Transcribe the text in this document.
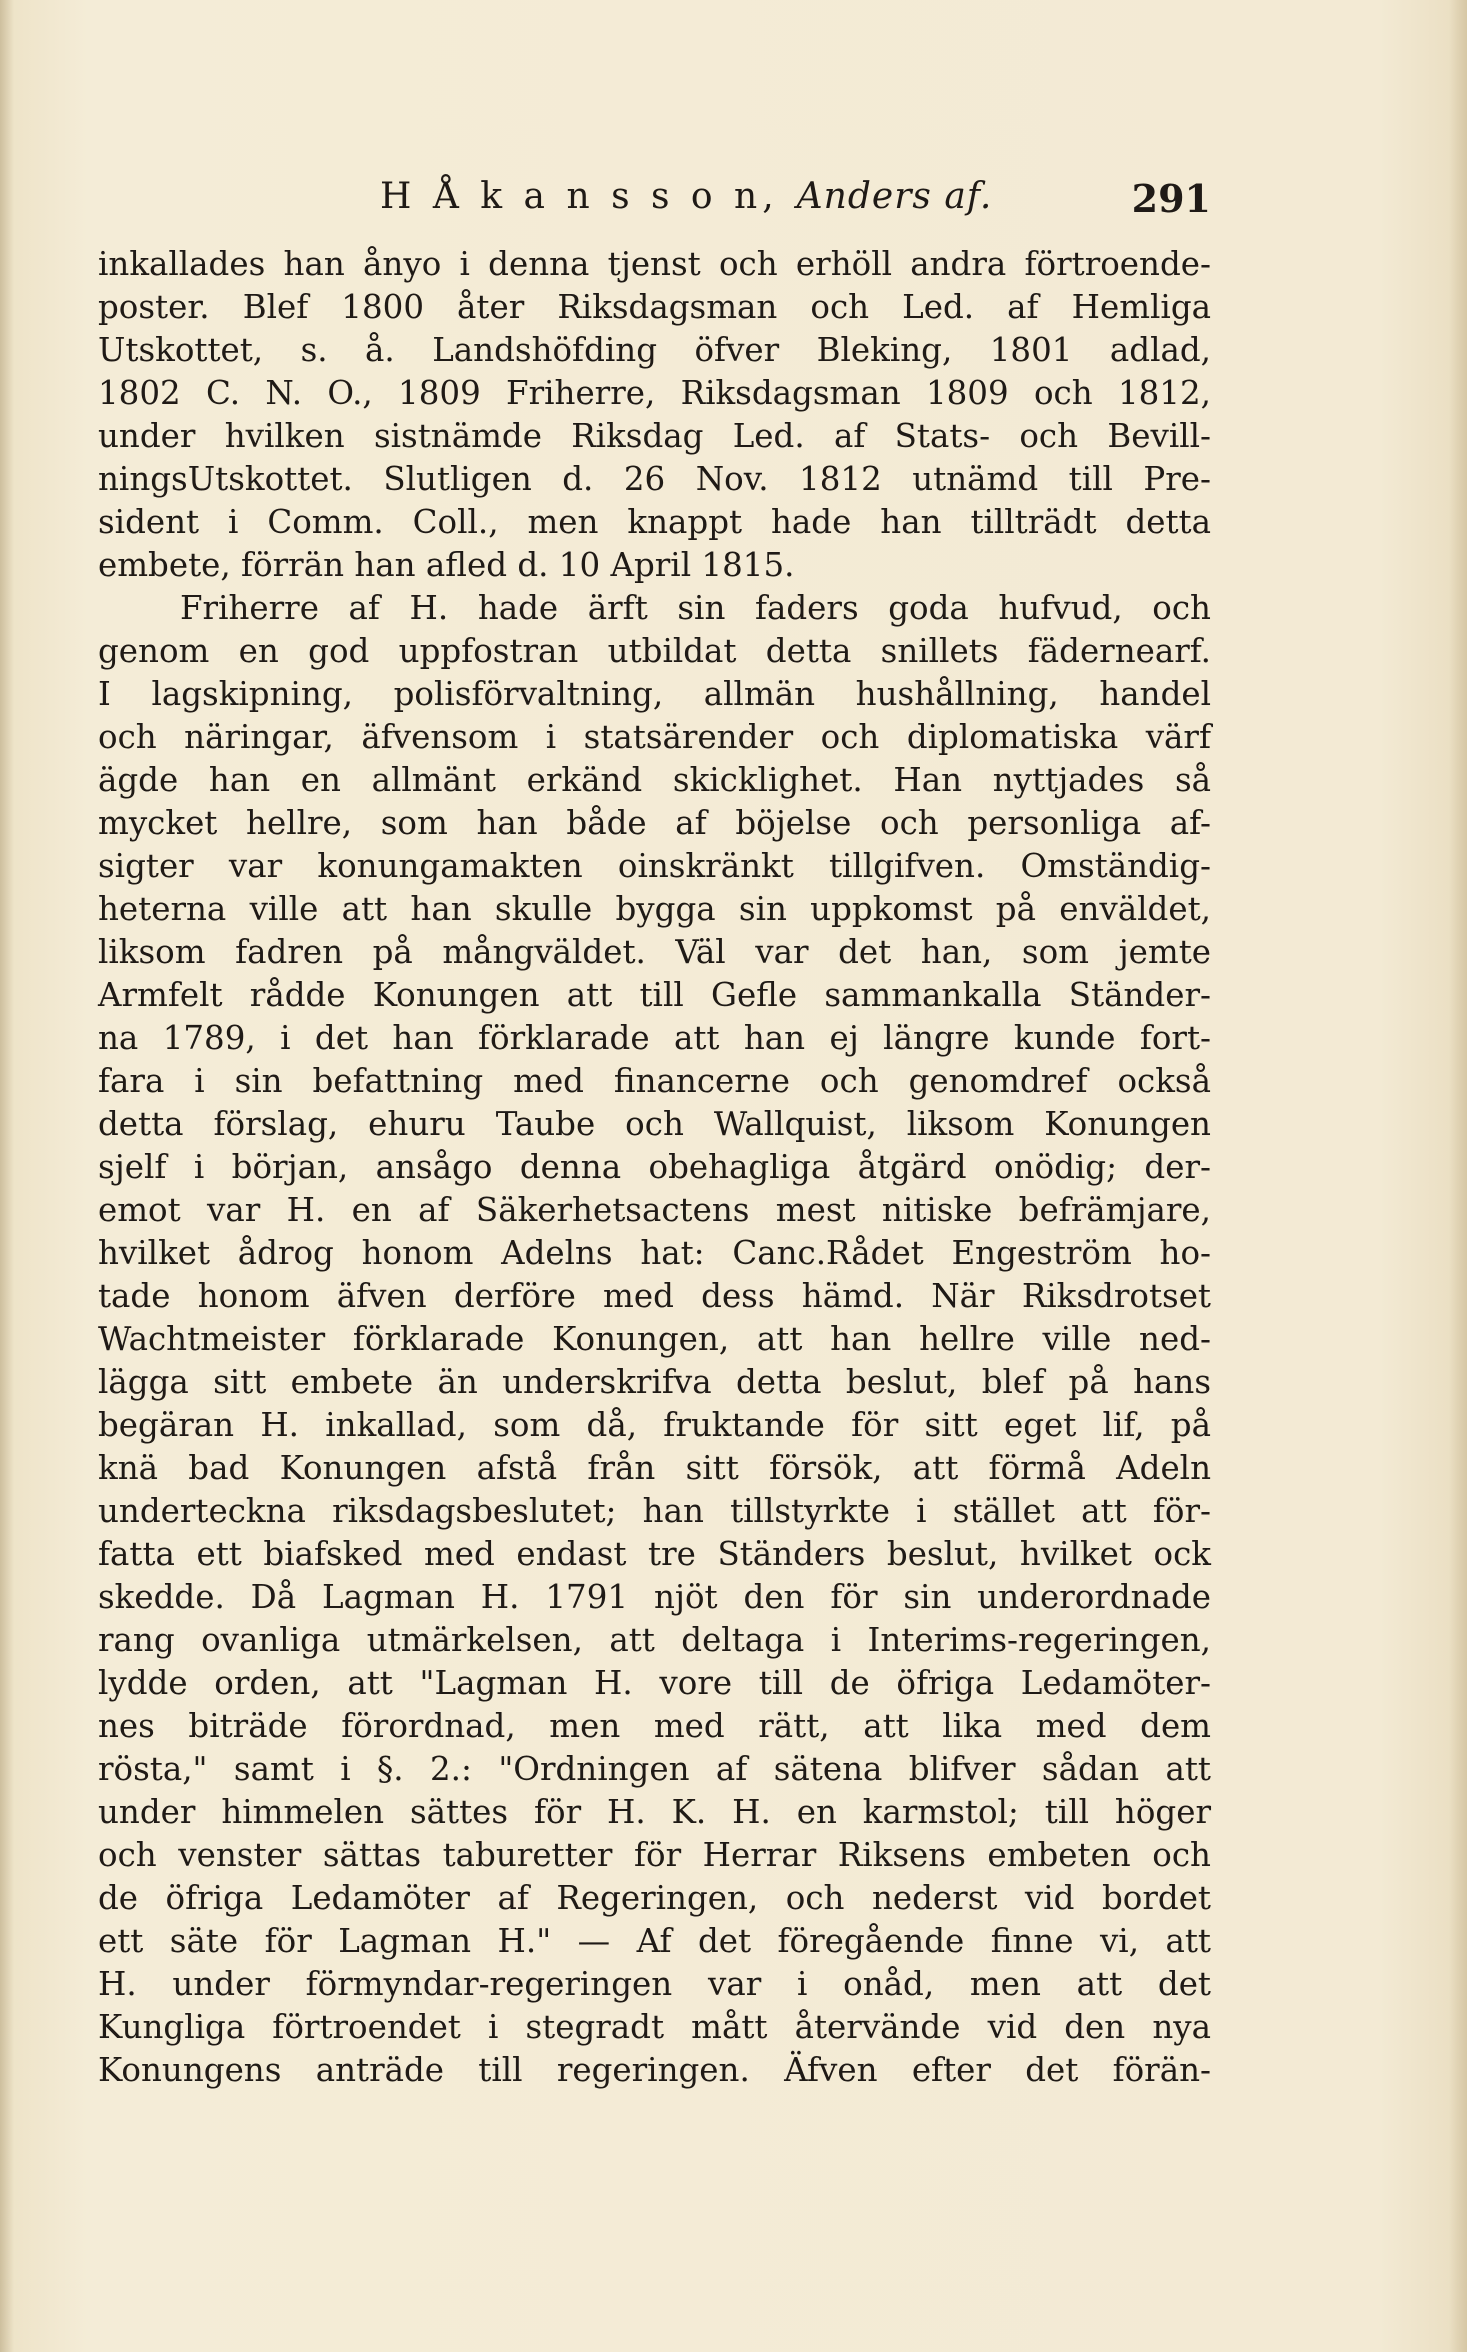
H Å k a n s s o n, Anders af.	291
inkallades han ånyo i denna tjenst och erhöll andra förtroende-
poster. Blef 1800 åter Riksdagsman och Led. af Hemliga
Utskottet, s. å. Landshöfding öfver Bleking, 1801 adlad,
1802 C. N. O., 1809 Friherre, Riksdagsman 1809 och 1812,
under hvilken sistnämde Riksdag Led. af Stats- och Bevill-
ningsUtskottet. Slutligen d. 26 Nov. 1812 utnämd till Pre-
sident i Comm. Coll., men knappt hade han tillträdt detta
embete, förrän han afled d. 10 April 1815.
Friherre af H. hade ärft sin faders goda hufvud, och
genom en god uppfostran utbildat detta snillets fädernearf.
I lagskipning, polisförvaltning, allmän hushållning, handel
och näringar, äfvensom i statsärender och diplomatiska värf
ägde han en allmänt erkänd skicklighet. Han nyttjades så
mycket hellre, som han både af böjelse och personliga af-
sigter var konungamakten oinskränkt tillgifven. Omständig-
heterna ville att han skulle bygga sin uppkomst på enväldet,
liksom fadren på mångväldet. Väl var det han, som jemte
Armfelt rådde Konungen att till Gefle sammankalla Ständer-
na 1789, i det han förklarade att han ej längre kunde fort-
fara i sin befattning med financerne och genomdref också
detta förslag, ehuru Taube och Wallquist, liksom Konungen
sjelf i början, ansågo denna obehagliga åtgärd onödig; der-
emot var H. en af Säkerhetsactens mest nitiske befrämjare,
hvilket ådrog honom Adelns hat: Canc.Rådet Engeström ho-
tade honom äfven derföre med dess hämd. När Riksdrotset
Wachtmeister förklarade Konungen, att han hellre ville ned-
lägga sitt embete än underskrifva detta beslut, blef på hans
begäran H. inkallad, som då, fruktande för sitt eget lif, på
knä bad Konungen afstå från sitt försök, att förmå Adeln
underteckna riksdagsbeslutet; han tillstyrkte i stället att för-
fatta ett biafsked med endast tre Ständers beslut, hvilket ock
skedde. Då Lagman H. 1791 njöt den för sin underordnade
rang ovanliga utmärkelsen, att deltaga i Interims-regeringen,
lydde orden, att "Lagman H. vore till de öfriga Ledamöter-
nes biträde förordnad, men med rätt, att lika med dem
rösta," samt i §. 2.: "Ordningen af sätena blifver sådan att
under himmelen sättes för H. K. H. en karmstol; till höger
och venster sättas taburetter för Herrar Riksens embeten och
de öfriga Ledamöter af Regeringen, och nederst vid bordet
ett säte för Lagman H." — Af det föregående finne vi, att
H. under förmyndar-regeringen var i onåd, men att det
Kungliga förtroendet i stegradt mått återvände vid den nya
Konungens anträde till regeringen. Äfven efter det förän-
